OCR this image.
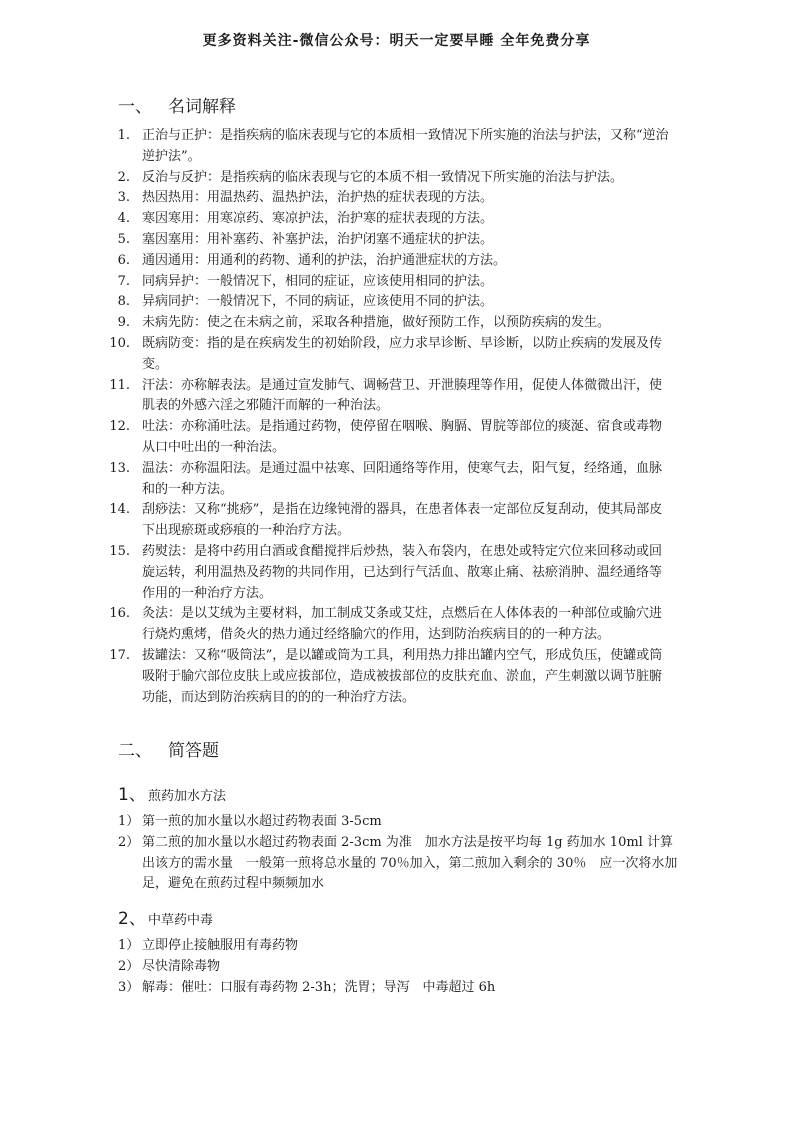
更多资料关注-微信公众号：明天一定要早睡 全年免费分享
一、 名词解释
1. 正治与正护：是指疾病的临床表现与它的本质相一致情况下所实施的治法与护法，又称“逆治逆护法”。
2. 反治与反护：是指疾病的临床表现与它的本质不相一致情况下所实施的治法与护法。
3. 热因热用：用温热药、温热护法，治护热的症状表现的方法。
4. 寒因寒用：用寒凉药、寒凉护法，治护寒的症状表现的方法。
5. 塞因塞用：用补塞药、补塞护法，治护闭塞不通症状的护法。
6. 通因通用：用通利的药物、通利的护法，治护通泄症状的方法。
7. 同病异护：一般情况下，相同的症证，应该使用相同的护法。
8. 异病同护：一般情况下，不同的病证，应该使用不同的护法。
9. 未病先防：使之在未病之前，采取各种措施，做好预防工作，以预防疾病的发生。
10. 既病防变：指的是在疾病发生的初始阶段，应力求早诊断、早诊断，以防止疾病的发展及传变。
11. 汗法：亦称解表法。是通过宣发肺气、调畅营卫、开泄腠理等作用，促使人体微微出汗，使肌表的外感六淫之邪随汗而解的一种治法。
12. 吐法：亦称涌吐法。是指通过药物，使停留在咽喉、胸膈、胃脘等部位的痰涎、宿食或毒物从口中吐出的一种治法。
13. 温法：亦称温阳法。是通过温中祛寒、回阳通络等作用，使寒气去，阳气复，经络通，血脉和的一种方法。
14. 刮痧法：又称“挑痧”，是指在边缘钝滑的器具，在患者体表一定部位反复刮动，使其局部皮下出现瘀斑或痧痕的一种治疗方法。
15. 药熨法：是将中药用白酒或食醋搅拌后炒热，装入布袋内，在患处或特定穴位来回移动或回旋运转，利用温热及药物的共同作用，已达到行气活血、散寒止痛、祛瘀消肿、温经通络等作用的一种治疗方法。
16. 灸法：是以艾绒为主要材料，加工制成艾条或艾炷，点燃后在人体体表的一种部位或腧穴进行烧灼熏烤，借灸火的热力通过经络腧穴的作用，达到防治疾病目的的一种方法。
17. 拔罐法：又称“吸筒法”，是以罐或筒为工具，利用热力排出罐内空气，形成负压，使罐或筒吸附于腧穴部位皮肤上或应拔部位，造成被拔部位的皮肤充血、淤血，产生刺激以调节脏腑功能，而达到防治疾病目的的的一种治疗方法。
二、 简答题
1、 煎药加水方法
1） 第一煎的加水量以水超过药物表面 3-5cm
2） 第二煎的加水量以水超过药物表面 2-3cm 为准　加水方法是按平均每 1g 药加水 10ml 计算出该方的需水量　一般第一煎将总水量的 70％加入，第二煎加入剩余的 30％　应一次将水加足，避免在煎药过程中频频加水
2、 中草药中毒
1） 立即停止接触服用有毒药物
2） 尽快清除毒物
3） 解毒：催吐：口服有毒药物 2-3h；洗胃；导泻　中毒超过 6h
